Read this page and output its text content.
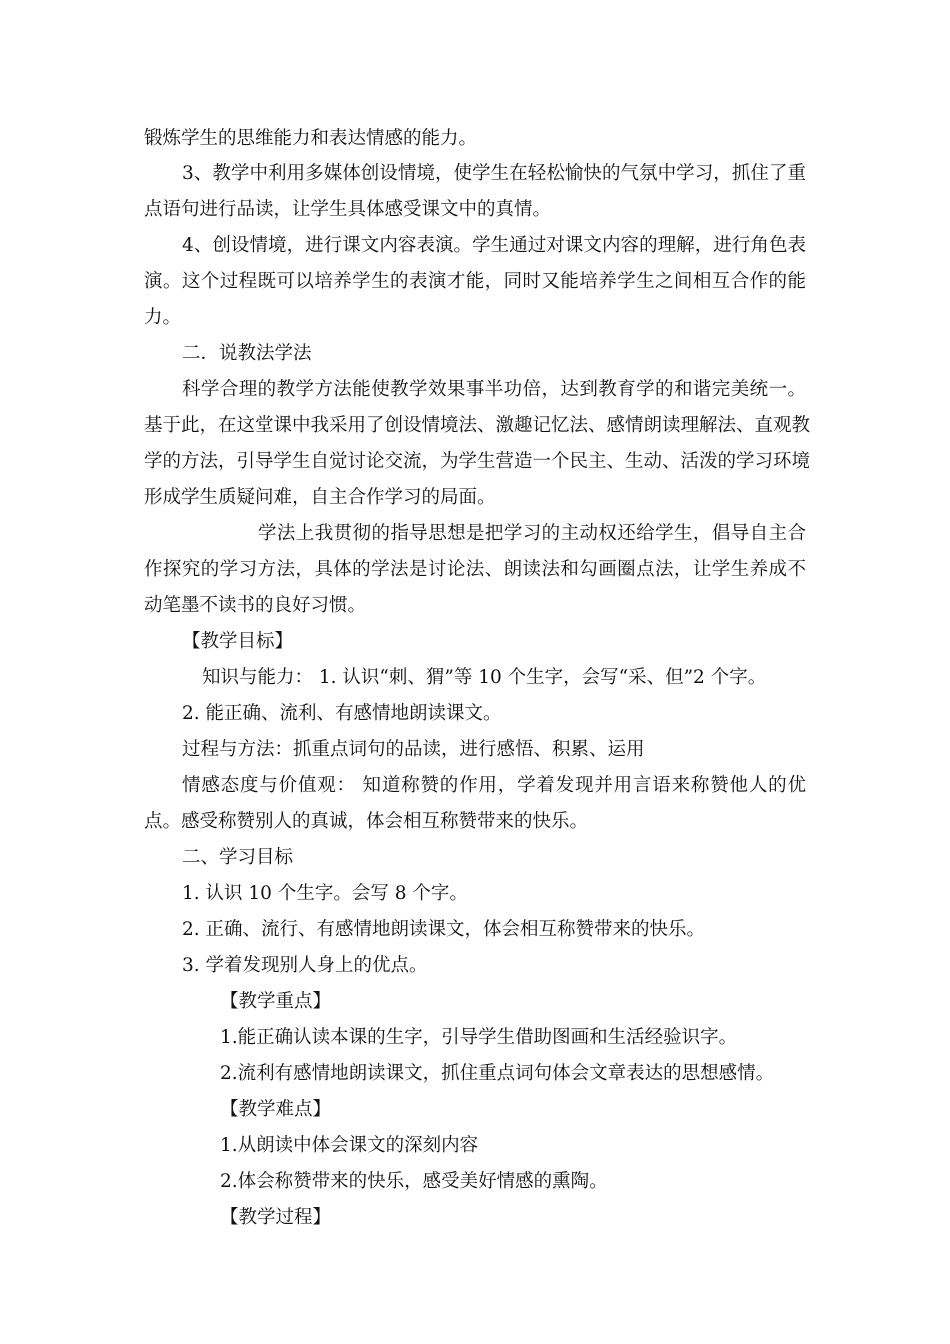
锻炼学生的思维能力和表达情感的能力。
3、教学中利用多媒体创设情境，使学生在轻松愉快的气氛中学习，抓住了重
点语句进行品读，让学生具体感受课文中的真情。
4、创设情境，进行课文内容表演。学生通过对课文内容的理解，进行角色表
演。这个过程既可以培养学生的表演才能，同时又能培养学生之间相互合作的能
力。
二．说教法学法
科学合理的教学方法能使教学效果事半功倍，达到教育学的和谐完美统一。
基于此，在这堂课中我采用了创设情境法、激趣记忆法、感情朗读理解法、直观教
学的方法，引导学生自觉讨论交流，为学生营造一个民主、生动、活泼的学习环境
形成学生质疑问难，自主合作学习的局面。
学法上我贯彻的指导思想是把学习的主动权还给学生，倡导自主合
作探究的学习方法，具体的学法是讨论法、朗读法和勾画圈点法，让学生养成不
动笔墨不读书的良好习惯。
【教学目标】
知识与能力： 1. 认识“刺、猬”等 10 个生字，会写“采、但”2 个字。
2. 能正确、流利、有感情地朗读课文。
过程与方法：抓重点词句的品读，进行感悟、积累、运用
情感态度与价值观： 知道称赞的作用，学着发现并用言语来称赞他人的优
点。感受称赞别人的真诚，体会相互称赞带来的快乐。
二、学习目标
1. 认识 10 个生字。会写 8 个字。
2. 正确、流行、有感情地朗读课文，体会相互称赞带来的快乐。
3. 学着发现别人身上的优点。
【教学重点】
1.能正确认读本课的生字，引导学生借助图画和生活经验识字。
2.流利有感情地朗读课文，抓住重点词句体会文章表达的思想感情。
【教学难点】
1.从朗读中体会课文的深刻内容
2.体会称赞带来的快乐，感受美好情感的熏陶。
【教学过程】
